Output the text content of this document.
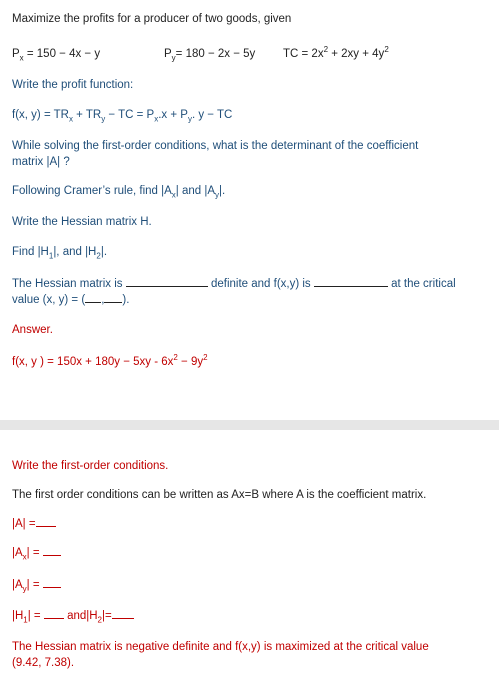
Maximize the profits for a producer of two goods, given
$P_x = 150 - 4x - y$	$P_y= 180 - 2x - 5y$ TC = $2x^2 + 2xy + 4y^2$
Write the profit function:
f(x, $y) = TR_x + TR_y$ − TC = $P_x.x + P_y$. y − TC
While solving the first-order conditions, what is the determinant of the coefficient
matrix |A| ?
Following Cramer’s rule, find $|A_x|$ and $|A_y|$.
Write the Hessian matrix H.
Find $|H_1|$, and $|H_2|$.
The Hessian matrix is	definite and f(x,y) is	at the critical
value (x, y) = ( , ).
Answer.
f(x, y ) = $150x + 180y - 5xy - 6x^2 - 9y^2$
Write the first-order conditions.
The first order conditions can be written as Ax=B where A is the coefficient matrix.
|A| =
$|A_x|$ =
$|A_y|$ =
$|H_1| = and|H_2|=$
The Hessian matrix is negative definite and f(x,y) is maximized at the critical value
(9.42, 7.38).
